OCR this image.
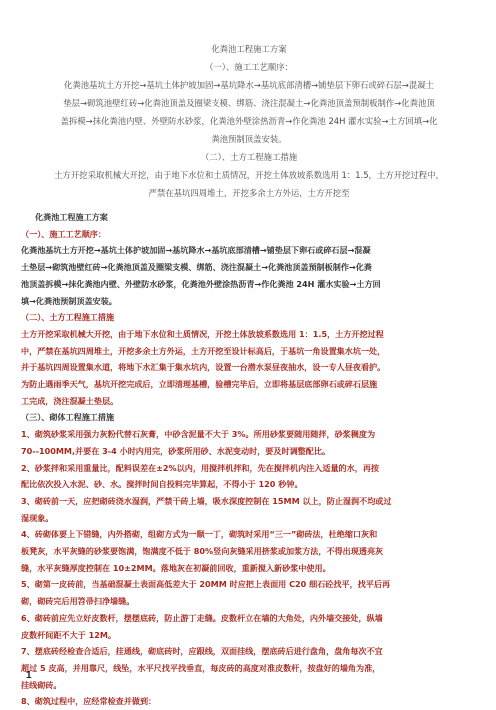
化粪池工程施工方案
（一）、施工工艺顺序：
化粪池基坑土方开挖→基坑土体护坡加固→基坑降水→基坑底部清槽→铺垫层下卵石或碎石层→混凝土
垫层→砌筑池壁红砖→化粪池顶盖及圈梁支模、绑筋、浇注混凝土→化粪池顶盖预制板制作→化粪池顶
盖拆模→抹化粪池内壁、外壁防水砂浆，化粪池外壁涂热沥青→作化粪池 24H 灌水实验→土方回填→化
粪池预制顶盖安装。
（二）、土方工程施工措施
土方开挖采取机械大开挖，由于地下水位和土质情况，开挖土体放坡系数选用 1：1.5，土方开挖过程中，
严禁在基坑四周堆土，开挖多余土方外运，土方开挖至
化粪池工程施工方案
（一）、施工工艺顺序：
化粪池基坑土方开挖→基坑土体护坡加固→基坑降水→基坑底部清槽→铺垫层下卵石或碎石层→混凝
土垫层→砌筑池壁红砖→化粪池顶盖及圈梁支模、绑筋、浇注混凝土→化粪池顶盖预制板制作→化粪
池顶盖拆模→抹化粪池内壁、外壁防水砂浆，化粪池外壁涂热沥青→作化粪池 24H 灌水实验→土方回
填→化粪池预制顶盖安装。
（二）、土方工程施工措施
土方开挖采取机械大开挖，由于地下水位和土质情况，开挖土体放坡系数选用 1：1.5，土方开挖过程
中，严禁在基坑四周堆土，开挖多余土方外运，土方开挖至设计标高后，于基坑一角设置集水坑一处，
并于基坑四周设置集水道，将地下水汇集于集水坑内，设置一台潜水泵昼夜抽水，设一专人昼夜看护。
为防止遇雨季天气，基坑开挖完成后，立即清理基槽，验槽完毕后，立即将基层底部卵石或碎石层施
工完成，浇注混凝土垫层。
（三）、砌体工程施工措施
1、砌筑砂浆采用强力灰粉代替石灰膏，中砂含泥量不大于 3%。所用砂浆要随用随拌，砂浆稠度为
70--100MM,并要在 3-4 小时内用完，砂浆所用砂、水泥变动时，要及时调整配比。
2、砂浆拌和采用重量比，配料误差在±2%以内，用搅拌机拌和，先在搅拌机内注入适量的水，再按
配比依次投入水泥、砂、水。搅拌时间自投料完毕算起，不得小于 120 秒钟。
3、砌砖前一天，应把砌砖浇水湿润，严禁干砖上墙，吸水深度控制在 15MM 以上，防止湿润不均或过
湿现象。
4、砖砌体要上下错缝，内外搭砌，组砌方式为一顺一丁，砌筑时采用“三一”砌砖法，杜绝缩口灰和
板凳灰，水平灰缝的砂浆要饱满，饱满度不低于 80%竖向灰缝采用挤浆或加浆方法，不得出现透亮灰
缝，水平灰缝厚度控制在 10±2MM。落地灰在初凝前回收，重新搅入新砂浆中使用。
5、砌第一皮砖前，当基础混凝土表面高低差大于 20MM 时应把上表面用 C20 细石砼找平，找平后再
砌，砌砖完后用笤帚扫净墙缝。
6、砌砖前应先立好皮数杆，摆摆底砖，防止游丁走缝。皮数杆立在墙的大角处，内外墙交接处，纵墙
皮数杆间距不大于 12M。
7、摆底砖经检查合适后，挂通线，砌底砖时，应跟线，双面挂线，摆底砖后进行盘角，盘角每次不宜
超过 5 皮高，并用靠尺，线坠，水平尺找平找垂直，每皮砖的高度对准皮数杆，按盘好的墙角为准，
挂线砌砖。
8、砌筑过程中，应经常检查并做到：
1
